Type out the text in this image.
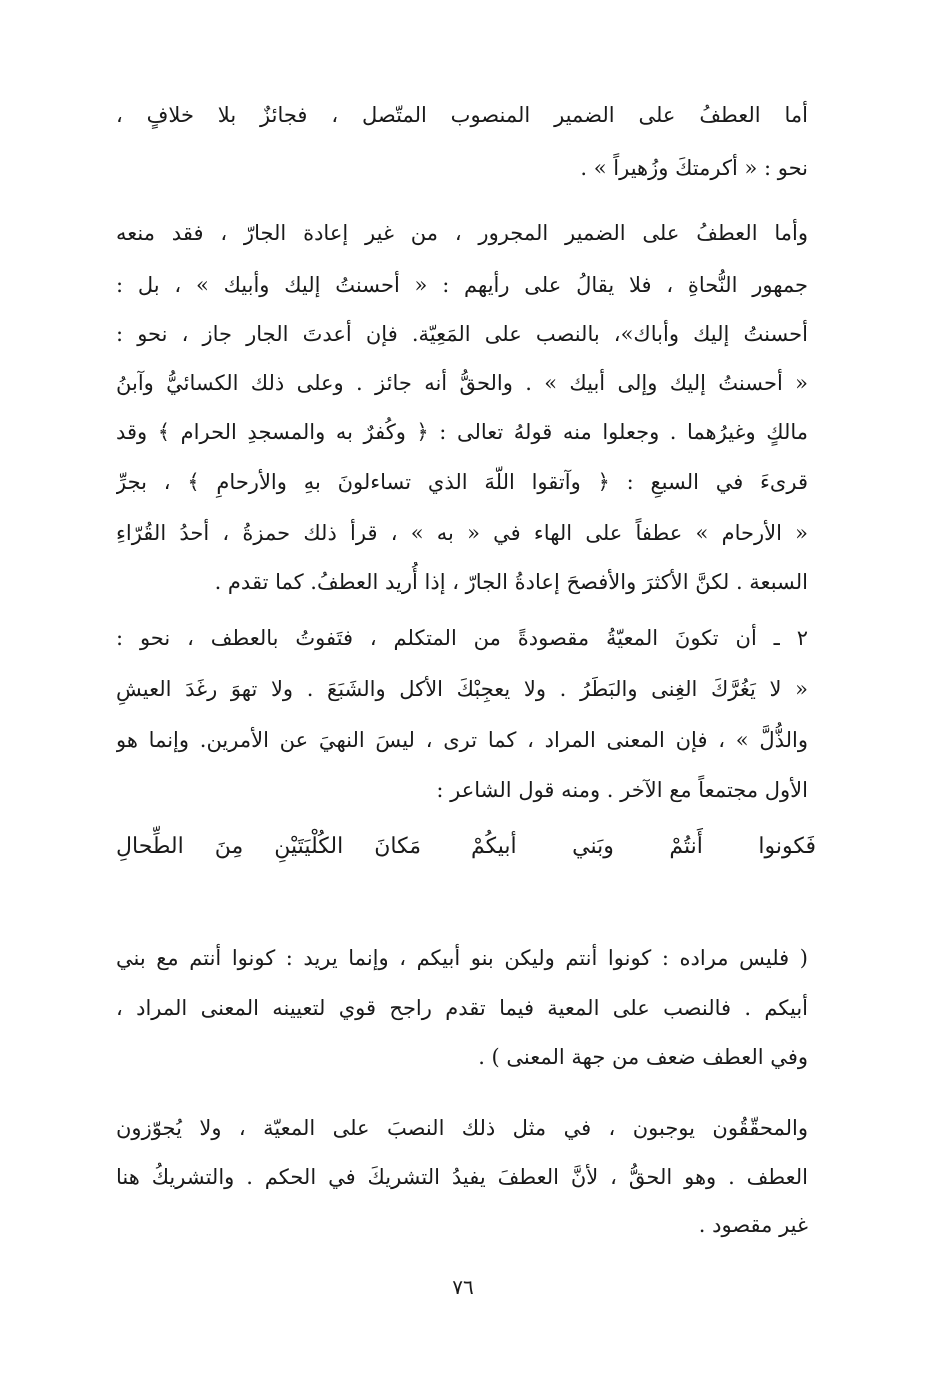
أما العطفُ على الضمير المنصوب المتّصل ، فجائزٌ بلا خلافٍ ،
نحو : « أكرمتكَ وزُهيراً » .
وأما العطفُ على الضمير المجرور ، من غير إعادة الجارّ ، فقد منعه
جمهور النُّحاةِ ، فلا يقالُ على رأيهم : « أحسنتُ إليك وأبيك » ، بل :
أحسنتُ إليك وأباك»، بالنصب على المَعِيّة. فإن أعدتَ الجار جاز ، نحو :
« أحسنتُ إليك وإلى أبيك » . والحقُّ أنه جائز . وعلى ذلك الكسائيُّ وآبنُ
مالكٍ وغيرُهما . وجعلوا منه قولهُ تعالى : ﴿ وكُفرٌ به والمسجدِ الحرام ﴾ وقد
قرىءَ في السبعِ : ﴿ وآتقوا اللّهَ الذي تساءلونَ بهِ والأرحامِ ﴾ ، بجرِّ
« الأرحام » عطفاً على الهاء في « به » ، قرأ ذلك حمزةُ ، أحدُ القُرّاءِ
السبعة . لكنَّ الأكثرَ والأفصحَ إعادةُ الجارّ ، إذا أُريد العطفُ. كما تقدم .
٢ ـ أن تكونَ المعيّةُ مقصودةً من المتكلم ، فتَفوتُ بالعطف ، نحو :
« لا يَغُرَّكَ الغِنى والبَطَرُ . ولا يعجِبْكَ الأكل والشَبَعَ . ولا تهوَ رغَدَ العيشِ
والذُّلَّ » ، فإن المعنى المراد ، كما ترى ، ليسَ النهيَ عن الأمرين. وإنما هو
الأول مجتمعاً مع الآخر . ومنه قول الشاعر :
فَكونوا أَنتُمْ وبَني أبيكُمْ
مَكانَ الكُلْيَتَيْنِ مِنَ الطِّحالِ
( فليس مراده : كونوا أنتم وليكن بنو أبيكم ، وإنما يريد : كونوا أنتم مع بني
أبيكم . فالنصب على المعية فيما تقدم راجح قوي لتعيينه المعنى المراد ،
وفي العطف ضعف من جهة المعنى ) .
والمحقّقُون يوجبون ، في مثل ذلك النصبَ على المعيّة ، ولا يُجوّزون
العطف . وهو الحقُّ ، لأنَّ العطفَ يفيدُ التشريكَ في الحكم . والتشريكُ هنا
غير مقصود .
٧٦
